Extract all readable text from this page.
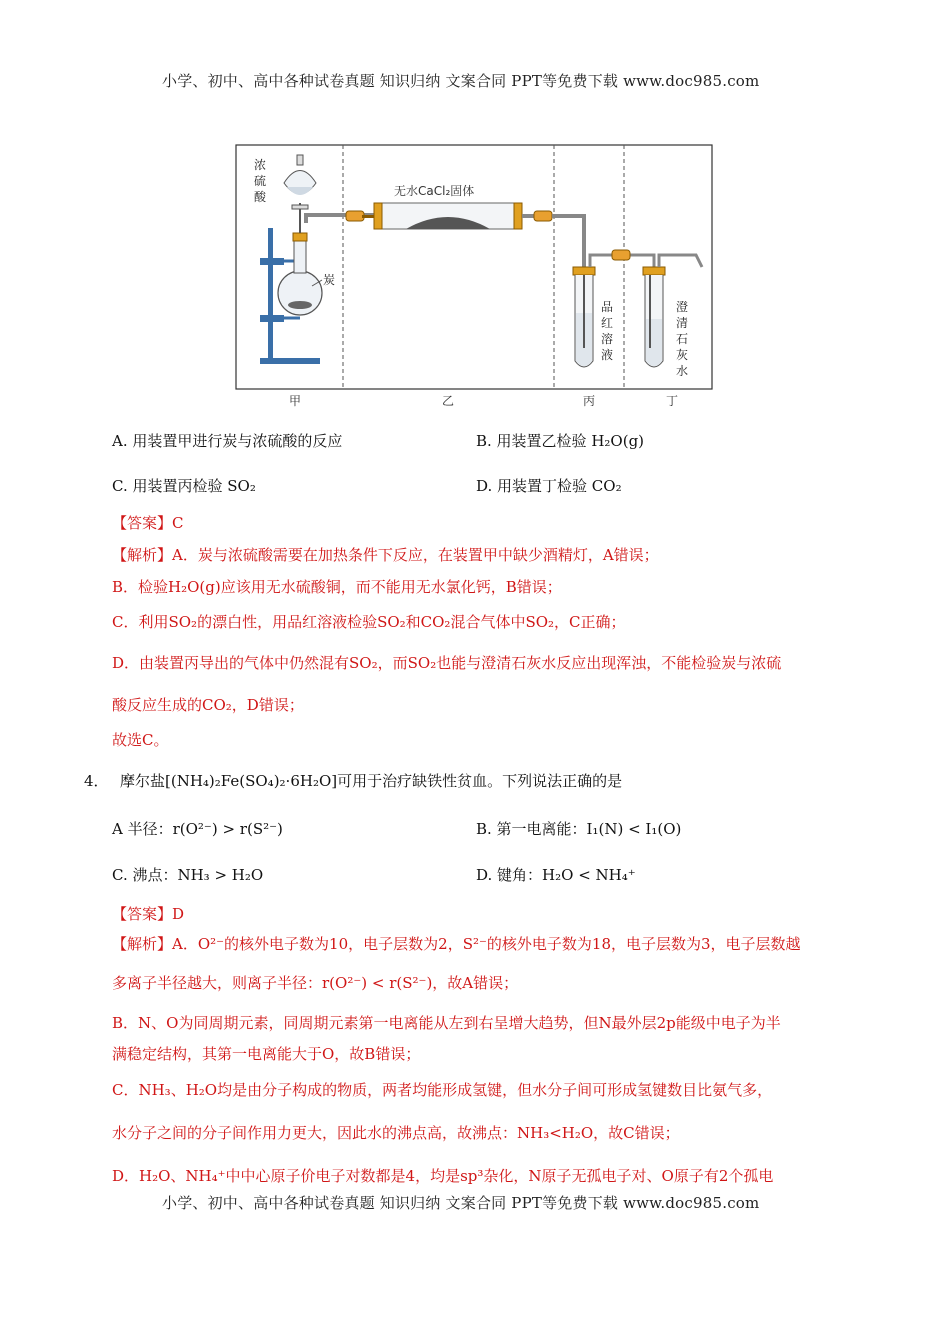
小学、初中、高中各种试卷真题 知识归纳 文案合同 PPT等免费下载 www.doc985.com
浓
硫
酸
炭
无水CaCl₂固体
品
红
溶
液
澄
清
石
灰
水
甲	乙	丙	丁
A. 用装置甲进行炭与浓硫酸的反应	B. 用装置乙检验 H₂O(g)
C. 用装置丙检验 SO₂	D. 用装置丁检验 CO₂
【答案】C
【解析】A．炭与浓硫酸需要在加热条件下反应，在装置甲中缺少酒精灯，A错误；
B．检验H₂O(g)应该用无水硫酸铜，而不能用无水氯化钙，B错误；
C．利用SO₂的漂白性，用品红溶液检验SO₂和CO₂混合气体中SO₂，C正确；
D．由装置丙导出的气体中仍然混有SO₂，而SO₂也能与澄清石灰水反应出现浑浊，不能检验炭与浓硫
酸反应生成的CO₂，D错误；
故选C。
4． 摩尔盐[(NH₄)₂Fe(SO₄)₂·6H₂O]可用于治疗缺铁性贫血。下列说法正确的是
A 半径：r(O²⁻) > r(S²⁻)	B. 第一电离能：I₁(N) < I₁(O)
C. 沸点：NH₃ > H₂O	D. 键角：H₂O < NH₄⁺
【答案】D
【解析】A．O²⁻的核外电子数为10，电子层数为2，S²⁻的核外电子数为18，电子层数为3，电子层数越
多离子半径越大，则离子半径：r(O²⁻) < r(S²⁻)，故A错误；
B．N、O为同周期元素，同周期元素第一电离能从左到右呈增大趋势，但N最外层2p能级中电子为半
满稳定结构，其第一电离能大于O，故B错误；
C．NH₃、H₂O均是由分子构成的物质，两者均能形成氢键，但水分子间可形成氢键数目比氨气多，
水分子之间的分子间作用力更大，因此水的沸点高，故沸点：NH₃<H₂O，故C错误；
D．H₂O、NH₄⁺中中心原子价电子对数都是4，均是sp³杂化，N原子无孤电子对、O原子有2个孤电
小学、初中、高中各种试卷真题 知识归纳 文案合同 PPT等免费下载 www.doc985.com
